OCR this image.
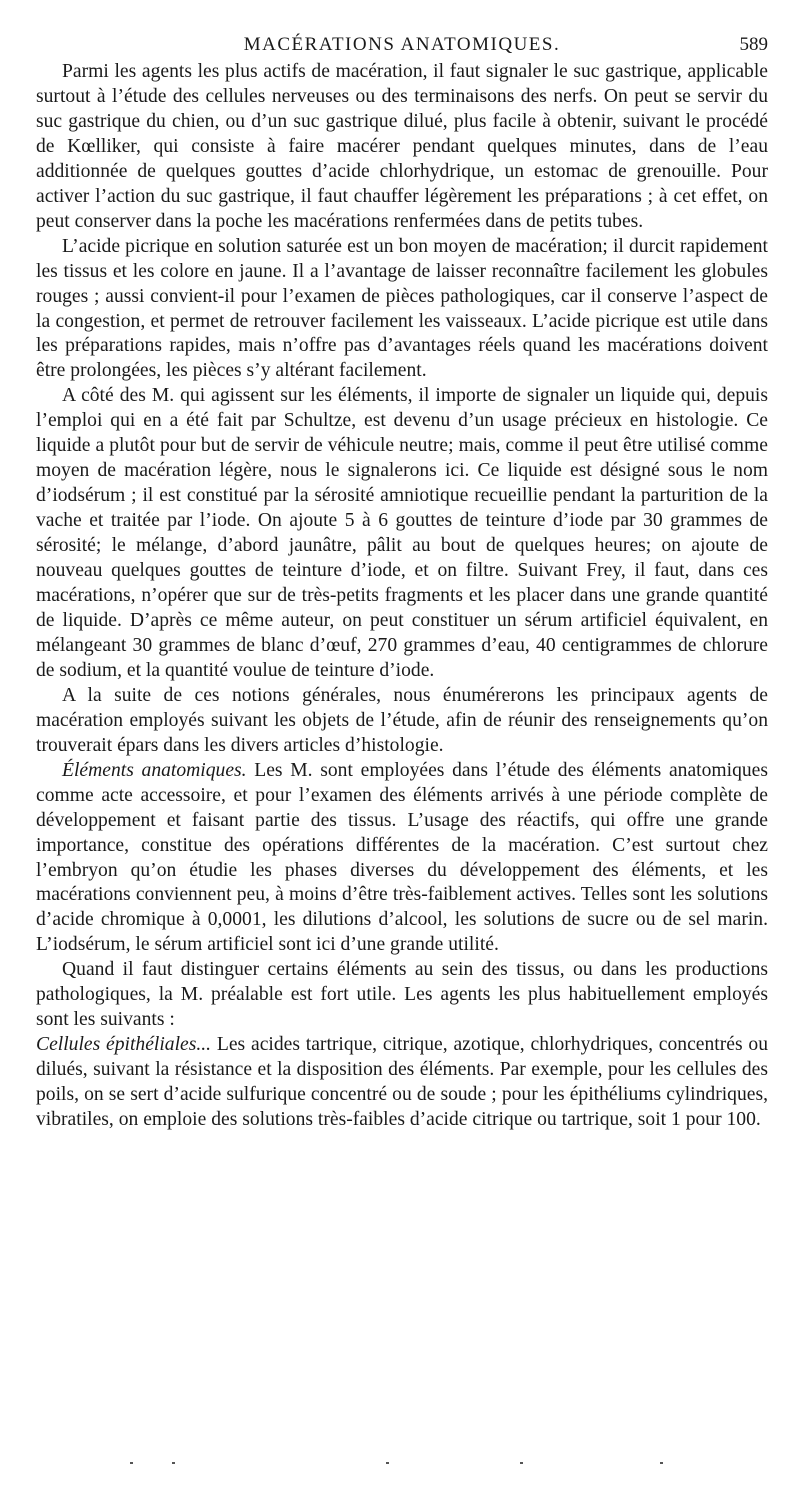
MACÉRATIONS ANATOMIQUES.	589

Parmi les agents les plus actifs de macération, il faut signaler le suc gastrique, applicable surtout à l’étude des cellules nerveuses ou des terminaisons des nerfs. On peut se servir du suc gastrique du chien, ou d’un suc gastrique dilué, plus facile à obtenir, suivant le procédé de Kœlliker, qui consiste à faire macérer pendant quelques minutes, dans de l’eau additionnée de quelques gouttes d’acide chlorhydrique, un estomac de grenouille. Pour activer l’action du suc gastrique, il faut chauffer légèrement les préparations ; à cet effet, on peut conserver dans la poche les macérations renfermées dans de petits tubes.

L’acide picrique en solution saturée est un bon moyen de macération; il durcit rapidement les tissus et les colore en jaune. Il a l’avantage de laisser reconnaître facilement les globules rouges ; aussi convient-il pour l’examen de pièces pathologiques, car il conserve l’aspect de la congestion, et permet de retrouver facilement les vaisseaux. L’acide picrique est utile dans les préparations rapides, mais n’offre pas d’avantages réels quand les macérations doivent être prolongées, les pièces s’y altérant facilement.

A côté des M. qui agissent sur les éléments, il importe de signaler un liquide qui, depuis l’emploi qui en a été fait par Schultze, est devenu d’un usage précieux en histologie. Ce liquide a plutôt pour but de servir de véhicule neutre; mais, comme il peut être utilisé comme moyen de macération légère, nous le signalerons ici. Ce liquide est désigné sous le nom d’iodsérum ; il est constitué par la sérosité amniotique recueillie pendant la parturition de la vache et traitée par l’iode. On ajoute 5 à 6 gouttes de teinture d’iode par 30 grammes de sérosité; le mélange, d’abord jaunâtre, pâlit au bout de quelques heures; on ajoute de nouveau quelques gouttes de teinture d’iode, et on filtre. Suivant Frey, il faut, dans ces macérations, n’opérer que sur de très-petits fragments et les placer dans une grande quantité de liquide. D’après ce même auteur, on peut constituer un sérum artificiel équivalent, en mélangeant 30 grammes de blanc d’œuf, 270 grammes d’eau, 40 centigrammes de chlorure de sodium, et la quantité voulue de teinture d’iode.

A la suite de ces notions générales, nous énumérerons les principaux agents de macération employés suivant les objets de l’étude, afin de réunir des renseignements qu’on trouverait épars dans les divers articles d’histologie.

Éléments anatomiques. Les M. sont employées dans l’étude des éléments anatomiques comme acte accessoire, et pour l’examen des éléments arrivés à une période complète de développement et faisant partie des tissus. L’usage des réactifs, qui offre une grande importance, constitue des opérations différentes de la macération. C’est surtout chez l’embryon qu’on étudie les phases diverses du développement des éléments, et les macérations conviennent peu, à moins d’être très-faiblement actives. Telles sont les solutions d’acide chromique à 0,0001, les dilutions d’alcool, les solutions de sucre ou de sel marin. L’iodsérum, le sérum artificiel sont ici d’une grande utilité.

Quand il faut distinguer certains éléments au sein des tissus, ou dans les productions pathologiques, la M. préalable est fort utile. Les agents les plus habituellement employés sont les suivants :

Cellules épithéliales... Les acides tartrique, citrique, azotique, chlorhydriques, concentrés ou dilués, suivant la résistance et la disposition des éléments. Par exemple, pour les cellules des poils, on se sert d’acide sulfurique concentré ou de soude ; pour les épithéliums cylindriques, vibratiles, on emploie des solutions très-faibles d’acide citrique ou tartrique, soit 1 pour 100.
